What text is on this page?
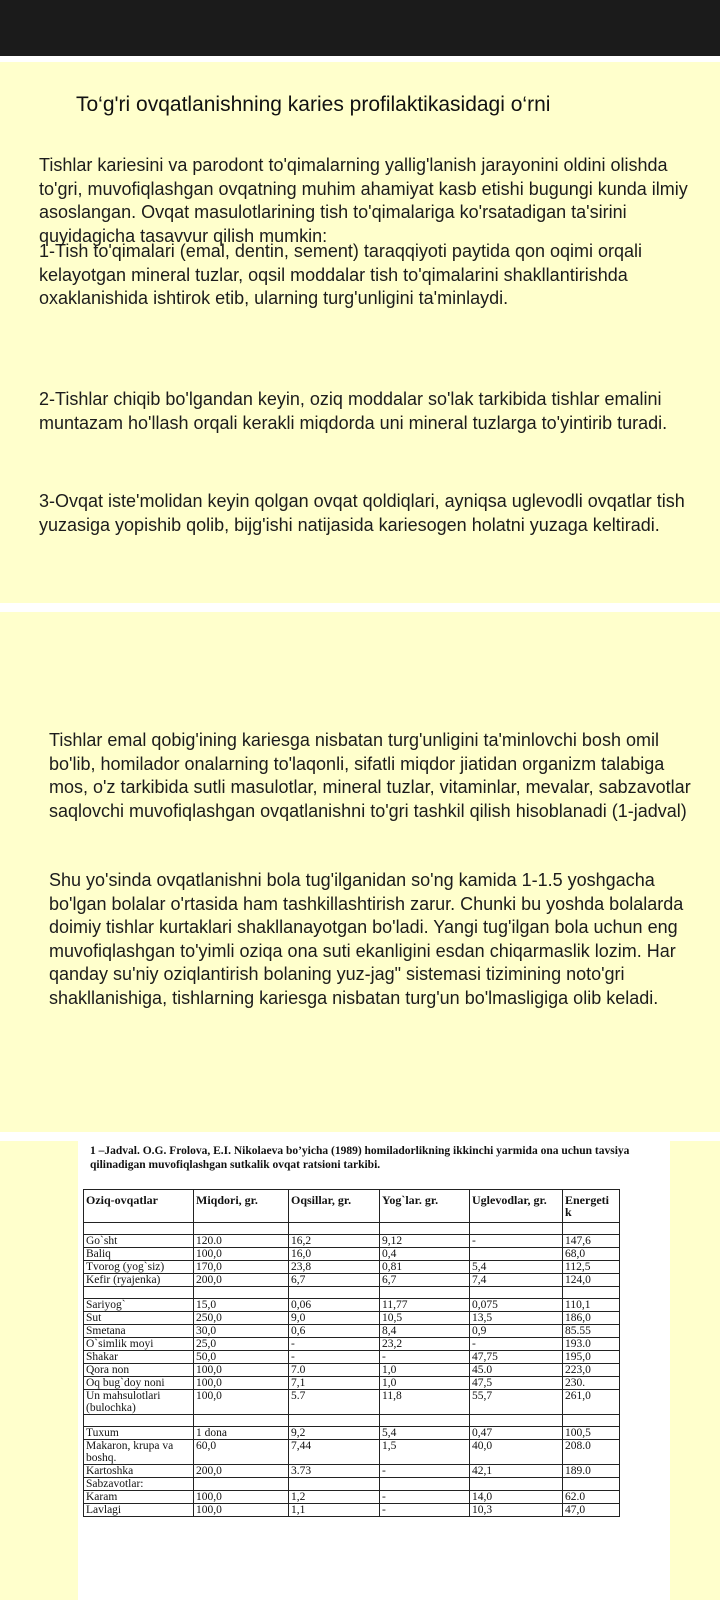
To‘g'ri ovqatlanishning karies profilaktikasidagi o‘rni
Tishlar kariesini va parodont to'qimalarning yallig'lanish jarayonini oldini olishda to'gri, muvofiqlashgan ovqatning muhim ahamiyat kasb etishi bugungi kunda ilmiy asoslangan. Ovqat masulotlarining tish to'qimalariga ko'rsatadigan ta'sirini quyidagicha tasavvur qilish mumkin:
1-Tish to'qimalari (emal, dentin, sement) taraqqiyoti paytida qon oqimi orqali kelayotgan mineral tuzlar, oqsil moddalar tish to'qimalarini shakllantirishda oxaklanishida ishtirok etib, ularning turg'unligini ta'minlaydi.
2-Tishlar chiqib bo'lgandan keyin, oziq moddalar so'lak tarkibida tishlar emalini muntazam ho'llash orqali kerakli miqdorda uni mineral tuzlarga to'yintirib turadi.
3-Ovqat iste'molidan keyin qolgan ovqat qoldiqlari, ayniqsa uglevodli ovqatlar tish yuzasiga yopishib qolib, bijg'ishi natijasida kariesogen holatni yuzaga keltiradi.
Tishlar emal qobig'ining kariesga nisbatan turg'unligini ta'minlovchi bosh omil bo'lib, homilador onalarning to'laqonli, sifatli miqdor jiatidan organizm talabiga mos, o'z tarkibida sutli masulotlar, mineral tuzlar, vitaminlar, mevalar, sabzavotlar saqlovchi muvofiqlashgan ovqatlanishni to'gri tashkil qilish hisoblanadi (1-jadval)
Shu yo'sinda ovqatlanishni bola tug'ilganidan so'ng kamida 1-1.5 yoshgacha bo'lgan bolalar o'rtasida ham tashkillashtirish zarur. Chunki bu yoshda bolalarda doimiy tishlar kurtaklari shakllanayotgan bo'ladi. Yangi tug'ilgan bola uchun eng muvofiqlashgan to'yimli oziqa ona suti ekanligini esdan chiqarmaslik lozim. Har qanday su'niy oziqlantirish bolaning yuz-jag" sistemasi tizimining noto'gri shakllanishiga, tishlarning kariesga nisbatan turg'un bo'lmasligiga olib keladi.
1 –Jadval. O.G. Frolova, E.I. Nikolaeva bo’yicha (1989) homiladorlikning ikkinchi yarmida ona uchun tavsiya qilinadigan muvofiqlashgan sutkalik ovqat ratsioni tarkibi.
Oziq-ovqatlar	Miqdori, gr.	Oqsillar, gr.	Yog`lar. gr.	Uglevodlar, gr.	Energeti k

Go`sht	120.0	16,2	9,12	-	147,6
Baliq	100,0	16,0	0,4		68,0
Tvorog (yog`siz)	170,0	23,8	0,81	5,4	112,5
Kefir (ryajenka)	200,0	6,7	6,7	7,4	124,0

Sariyog`	15,0	0,06	11,77	0,075	110,1
Sut	250,0	9,0	10,5	13,5	186,0
Smetana	30,0	0,6	8,4	0,9	85.55
O`simlik moyi	25,0	-	23,2	-	193.0
Shakar	50,0	-	-	47,75	195,0
Qora non	100,0	7.0	1,0	45.0	223,0
Oq bug`doy noni	100,0	7,1	1,0	47,5	230.
Un mahsulotlari (bulochka)	100,0	5.7	11,8	55,7	261,0

Tuxum	1 dona	9,2	5,4	0,47	100,5
Makaron, krupa va boshq.	60,0	7,44	1,5	40,0	208.0
Kartoshka	200,0	3.73	-	42,1	189.0
Sabzavotlar:					
Karam	100,0	1,2	-	14,0	62.0
Lavlagi	100,0	1,1	-	10,3	47,0
